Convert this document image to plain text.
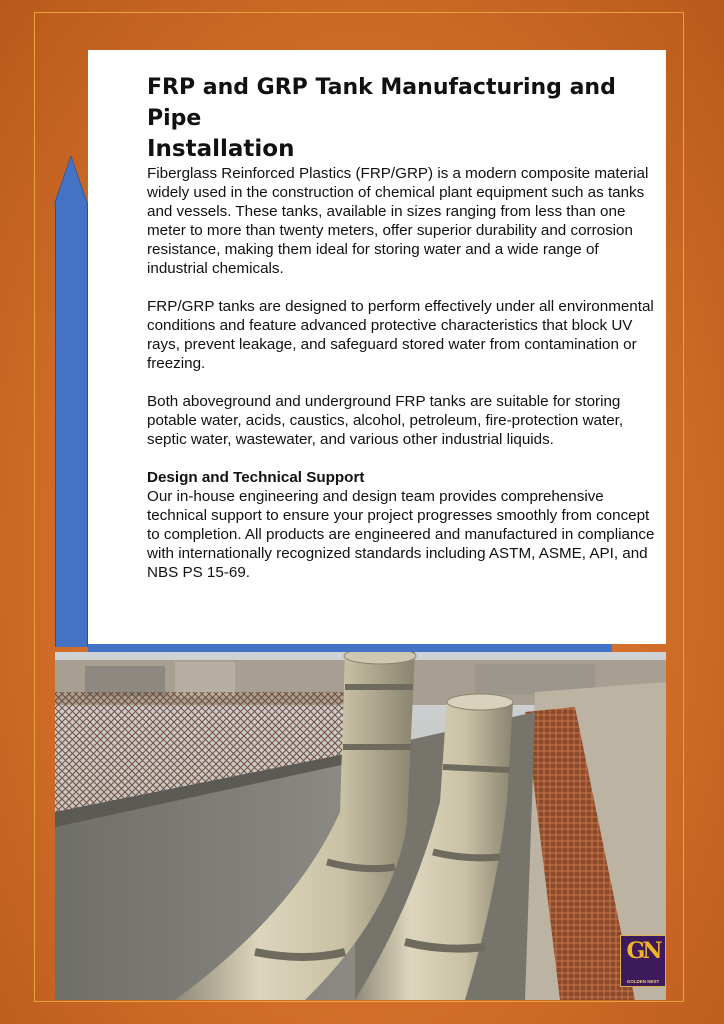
FRP and GRP Tank Manufacturing and Pipe
Installation

Fiberglass Reinforced Plastics (FRP/GRP) is a modern composite material widely used in the construction of chemical plant equipment such as tanks and vessels. These tanks, available in sizes ranging from less than one meter to more than twenty meters, offer superior durability and corrosion resistance, making them ideal for storing water and a wide range of industrial chemicals.

FRP/GRP tanks are designed to perform effectively under all environmental conditions and feature advanced protective characteristics that block UV rays, prevent leakage, and safeguard stored water from contamination or freezing.

Both aboveground and underground FRP tanks are suitable for storing potable water, acids, caustics, alcohol, petroleum, fire-protection water, septic water, wastewater, and various other industrial liquids.

Design and Technical Support

Our in-house engineering and design team provides comprehensive technical support to ensure your project progresses smoothly from concept to completion. All products are engineered and manufactured in compliance with internationally recognized standards including ASTM, ASME, API, and NBS PS 15-69.

GN
GOLDEN NEST
